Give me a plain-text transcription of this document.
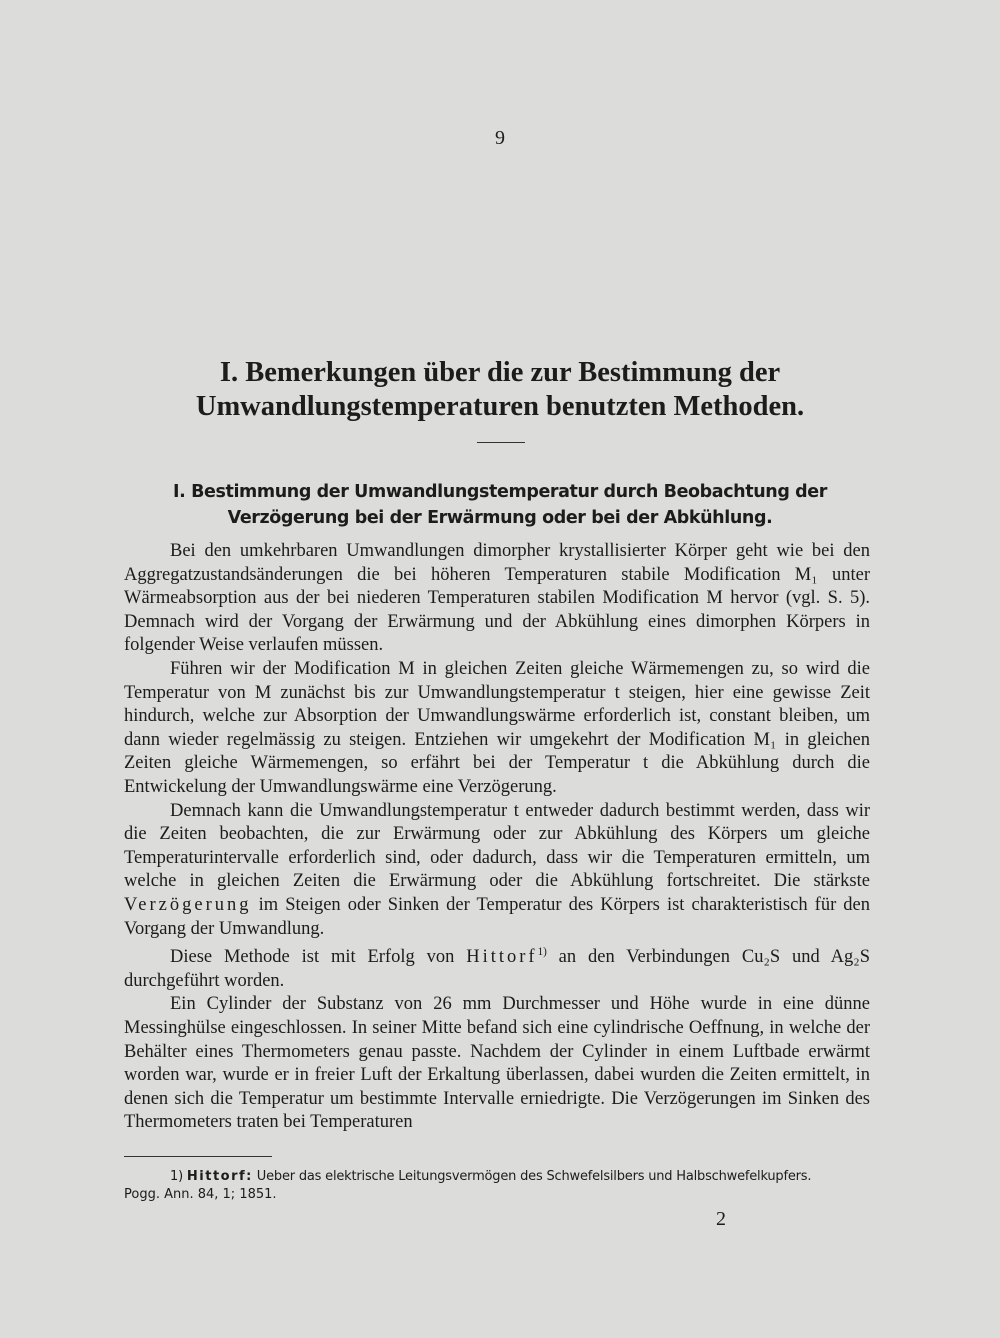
9
I. Bemerkungen über die zur Bestimmung der Umwandlungstemperaturen benutzten Methoden.
I. Bestimmung der Umwandlungstemperatur durch Beobachtung der Verzögerung bei der Erwärmung oder bei der Abkühlung.

Bei den umkehrbaren Umwandlungen dimorpher krystallisierter Körper geht wie bei den Aggregatzustandsänderungen die bei höheren Temperaturen stabile Modification M₁ unter Wärmeabsorption aus der bei niederen Temperaturen stabilen Modification M hervor (vgl. S. 5). Demnach wird der Vorgang der Erwärmung und der Abkühlung eines dimorphen Körpers in folgender Weise verlaufen müssen.

Führen wir der Modification M in gleichen Zeiten gleiche Wärmemengen zu, so wird die Temperatur von M zunächst bis zur Umwandlungstemperatur t steigen, hier eine gewisse Zeit hindurch, welche zur Absorption der Umwandlungswärme erforderlich ist, constant bleiben, um dann wieder regelmässig zu steigen. Entziehen wir umgekehrt der Modification M₁ in gleichen Zeiten gleiche Wärmemengen, so erfährt bei der Temperatur t die Abkühlung durch die Entwickelung der Umwandlungswärme eine Verzögerung.

Demnach kann die Umwandlungstemperatur t entweder dadurch bestimmt werden, dass wir die Zeiten beobachten, die zur Erwärmung oder zur Abkühlung des Körpers um gleiche Temperaturintervalle erforderlich sind, oder dadurch, dass wir die Temperaturen ermitteln, um welche in gleichen Zeiten die Erwärmung oder die Abkühlung fortschreitet. Die stärkste Verzögerung im Steigen oder Sinken der Temperatur des Körpers ist charakteristisch für den Vorgang der Umwandlung.

Diese Methode ist mit Erfolg von Hittorf$^{1)}$ an den Verbindungen Cu₂S und Ag₂S durchgeführt worden.

Ein Cylinder der Substanz von 26 mm Durchmesser und Höhe wurde in eine dünne Messinghülse eingeschlossen. In seiner Mitte befand sich eine cylindrische Oeffnung, in welche der Behälter eines Thermometers genau passte. Nachdem der Cylinder in einem Luftbade erwärmt worden war, wurde er in freier Luft der Erkaltung überlassen, dabei wurden die Zeiten ermittelt, in denen sich die Temperatur um bestimmte Intervalle erniedrigte. Die Verzögerungen im Sinken des Thermometers traten bei Temperaturen

1) Hittorf: Ueber das elektrische Leitungsvermögen des Schwefelsilbers und Halbschwefelkupfers.
Pogg. Ann. 84, 1; 1851.
2
